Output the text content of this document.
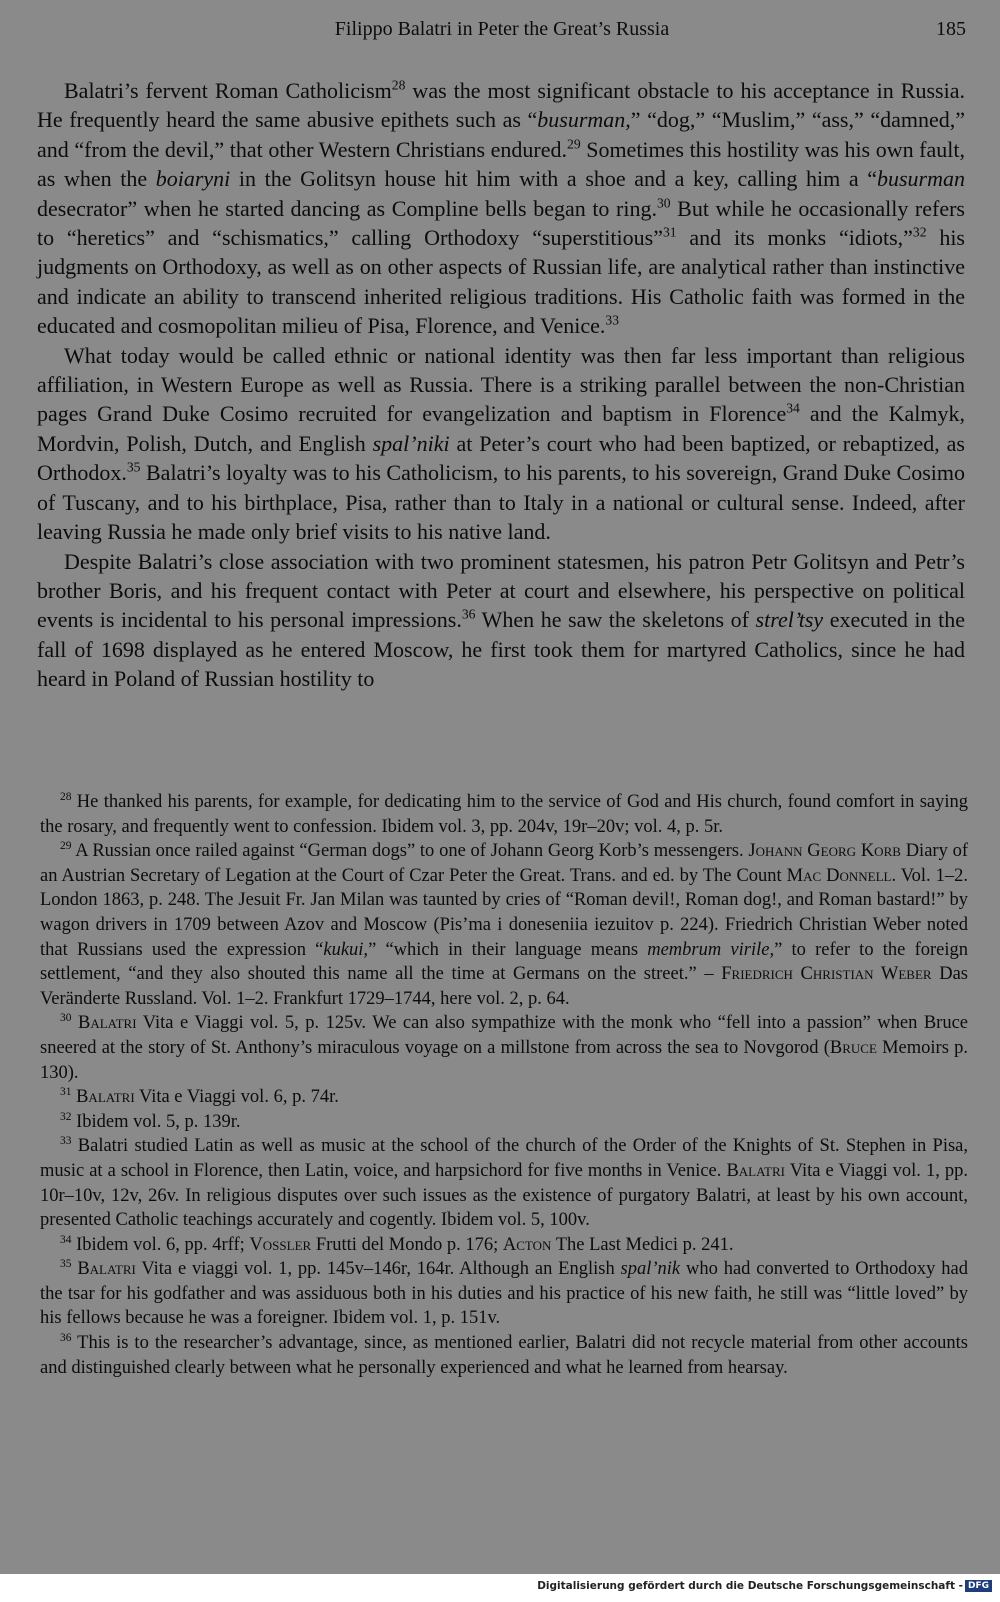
Filippo Balatri in Peter the Great’s Russia	185

Balatri’s fervent Roman Catholicism$^{28}$ was the most significant obstacle to his acceptance in Russia. He frequently heard the same abusive epithets such as “busurman,” “dog,” “Muslim,” “ass,” “damned,” and “from the devil,” that other Western Christians endured.$^{29}$ Sometimes this hostility was his own fault, as when the boiaryni in the Golitsyn house hit him with a shoe and a key, calling him a “busurman desecrator” when he started dancing as Compline bells began to ring.$^{30}$ But while he occasionally refers to “heretics” and “schismatics,” calling Orthodoxy “superstitious”$^{31}$ and its monks “idiots,”$^{32}$ his judgments on Orthodoxy, as well as on other aspects of Russian life, are analytical rather than instinctive and indicate an ability to transcend inherited religious traditions. His Catholic faith was formed in the educated and cosmopolitan milieu of Pisa, Florence, and Venice.$^{33}$

What today would be called ethnic or national identity was then far less important than religious affiliation, in Western Europe as well as Russia. There is a striking parallel between the non-Christian pages Grand Duke Cosimo recruited for evangelization and baptism in Florence$^{34}$ and the Kalmyk, Mordvin, Polish, Dutch, and English spal’niki at Peter’s court who had been baptized, or rebaptized, as Orthodox.$^{35}$ Balatri’s loyalty was to his Catholicism, to his parents, to his sovereign, Grand Duke Cosimo of Tuscany, and to his birthplace, Pisa, rather than to Italy in a national or cultural sense. Indeed, after leaving Russia he made only brief visits to his native land.

Despite Balatri’s close association with two prominent statesmen, his patron Petr Golitsyn and Petr’s brother Boris, and his frequent contact with Peter at court and elsewhere, his perspective on political events is incidental to his personal impressions.$^{36}$ When he saw the skeletons of strel’tsy executed in the fall of 1698 displayed as he entered Moscow, he first took them for martyred Catholics, since he had heard in Poland of Russian hostility to

$^{28}$ He thanked his parents, for example, for dedicating him to the service of God and His church, found comfort in saying the rosary, and frequently went to confession. Ibidem vol. 3, pp. 204v, 19r–20v; vol. 4, p. 5r.

$^{29}$ A Russian once railed against “German dogs” to one of Johann Georg Korb’s messengers. Johann Georg Korb Diary of an Austrian Secretary of Legation at the Court of Czar Peter the Great. Trans. and ed. by The Count Mac Donnell. Vol. 1–2. London 1863, p. 248. The Jesuit Fr. Jan Milan was taunted by cries of “Roman devil!, Roman dog!, and Roman bastard!” by wagon drivers in 1709 between Azov and Moscow (Pis’ma i doneseniia iezuitov p. 224). Friedrich Christian Weber noted that Russians used the expression “kukui,” “which in their language means membrum virile,” to refer to the foreign settlement, “and they also shouted this name all the time at Germans on the street.” – Friedrich Christian Weber Das Veränderte Russland. Vol. 1–2. Frankfurt 1729–1744, here vol. 2, p. 64.

$^{30}$ Balatri Vita e Viaggi vol. 5, p. 125v. We can also sympathize with the monk who “fell into a passion” when Bruce sneered at the story of St. Anthony’s miraculous voyage on a millstone from across the sea to Novgorod (Bruce Memoirs p. 130).

$^{31}$ Balatri Vita e Viaggi vol. 6, p. 74r.

$^{32}$ Ibidem vol. 5, p. 139r.

$^{33}$ Balatri studied Latin as well as music at the school of the church of the Order of the Knights of St. Stephen in Pisa, music at a school in Florence, then Latin, voice, and harpsichord for five months in Venice. Balatri Vita e Viaggi vol. 1, pp. 10r–10v, 12v, 26v. In religious disputes over such issues as the existence of purgatory Balatri, at least by his own account, presented Catholic teachings accurately and cogently. Ibidem vol. 5, 100v.

$^{34}$ Ibidem vol. 6, pp. 4rff; Vossler Frutti del Mondo p. 176; Acton The Last Medici p. 241.

$^{35}$ Balatri Vita e viaggi vol. 1, pp. 145v–146r, 164r. Although an English spal’nik who had converted to Orthodoxy had the tsar for his godfather and was assiduous both in his duties and his practice of his new faith, he still was “little loved” by his fellows because he was a foreigner. Ibidem vol. 1, p. 151v.

$^{36}$ This is to the researcher’s advantage, since, as mentioned earlier, Balatri did not recycle material from other accounts and distinguished clearly between what he personally experienced and what he learned from hearsay.

Digitalisierung gefördert durch die Deutsche Forschungsgemeinschaft - DFG
